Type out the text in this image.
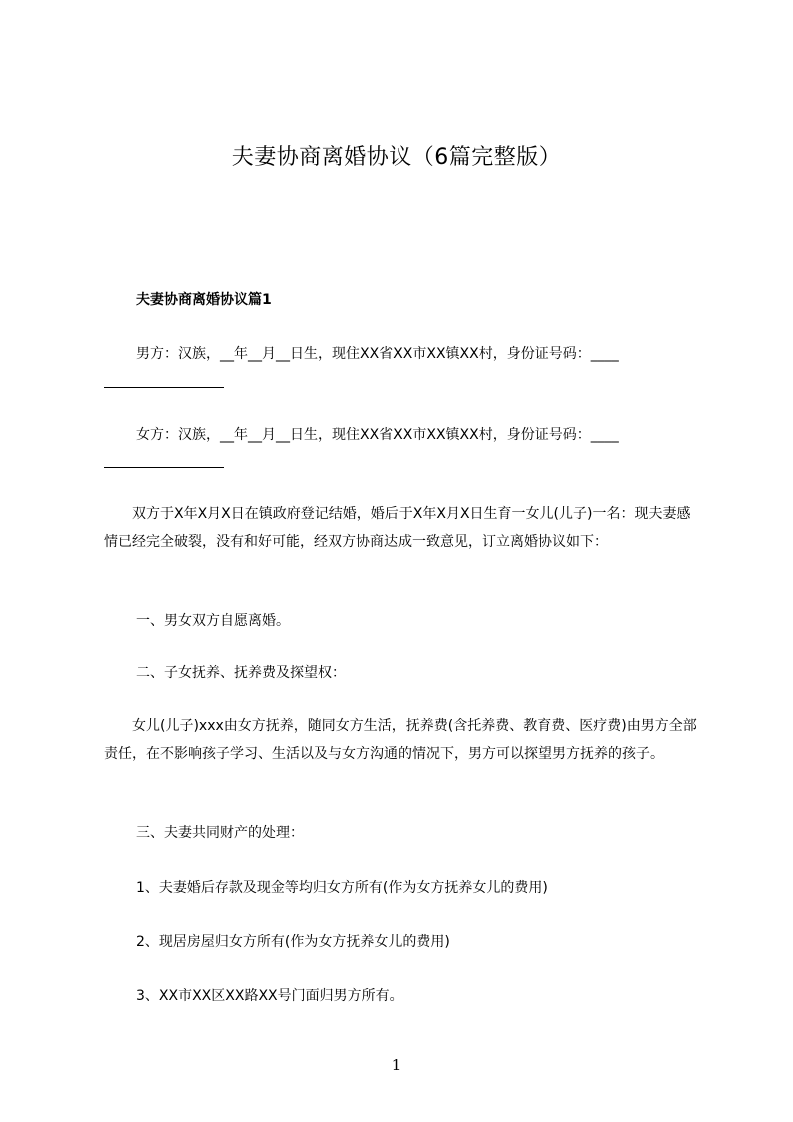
夫妻协商离婚协议（6篇完整版）
夫妻协商离婚协议篇1
男方：汉族，__年__月__日生，现住XX省XX市XX镇XX村，身份证号码：____
女方：汉族，__年__月__日生，现住XX省XX市XX镇XX村，身份证号码：____

双方于X年X月X日在镇政府登记结婚，婚后于X年X月X日生育一女儿(儿子)一名：现夫妻感情已经完全破裂，没有和好可能，经双方协商达成一致意见，订立离婚协议如下：

一、男女双方自愿离婚。
二、子女抚养、抚养费及探望权：

女儿(儿子)xxx由女方抚养，随同女方生活，抚养费(含托养费、教育费、医疗费)由男方全部责任，在不影响孩子学习、生活以及与女方沟通的情况下，男方可以探望男方抚养的孩子。

三、夫妻共同财产的处理：
1、夫妻婚后存款及现金等均归女方所有(作为女方抚养女儿的费用)
2、现居房屋归女方所有(作为女方抚养女儿的费用)
3、XX市XX区XX路XX号门面归男方所有。
1
